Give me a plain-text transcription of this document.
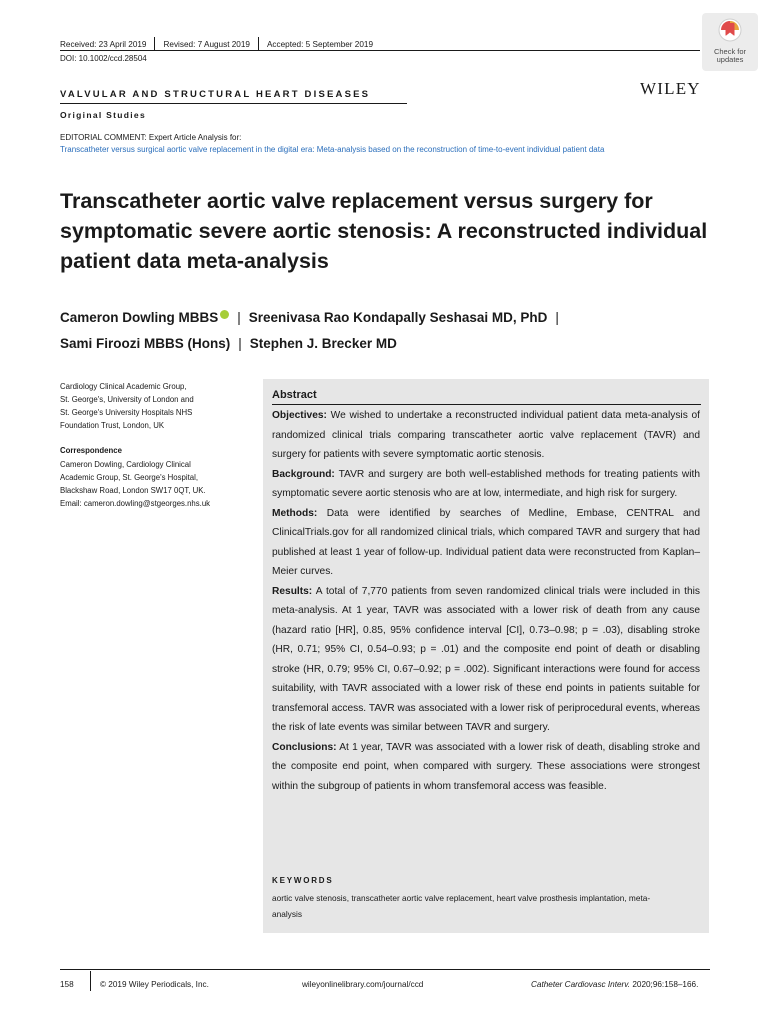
Received: 23 April 2019 Revised: 7 August 2019 Accepted: 5 September 2019
DOI: 10.1002/ccd.28504
Check for
updates
VALVULAR AND STRUCTURAL HEART DISEASES	WILEY
Original Studies
EDITORIAL COMMENT: Expert Article Analysis for:
Transcatheter versus surgical aortic valve replacement in the digital era: Meta-analysis based on the reconstruction of time-to-event individual patient data
Transcatheter aortic valve replacement versus surgery for symptomatic severe aortic stenosis: A reconstructed individual patient data meta-analysis
Cameron Dowling MBBS | Sreenivasa Rao Kondapally Seshasai MD, PhD |
Sami Firoozi MBBS (Hons) | Stephen J. Brecker MD
Cardiology Clinical Academic Group,
St. George's, University of London and
St. George's University Hospitals NHS
Foundation Trust, London, UK
Correspondence
Cameron Dowling, Cardiology Clinical
Academic Group, St. George's Hospital,
Blackshaw Road, London SW17 0QT, UK.
Email: cameron.dowling@stgeorges.nhs.uk
Abstract

Objectives: We wished to undertake a reconstructed individual patient data meta-analysis of randomized clinical trials comparing transcatheter aortic valve replacement (TAVR) and surgery for patients with severe symptomatic aortic stenosis.

Background: TAVR and surgery are both well-established methods for treating patients with symptomatic severe aortic stenosis who are at low, intermediate, and high risk for surgery.

Methods: Data were identified by searches of Medline, Embase, CENTRAL and ClinicalTrials.gov for all randomized clinical trials, which compared TAVR and surgery that had published at least 1 year of follow-up. Individual patient data were reconstructed from Kaplan–Meier curves.

Results: A total of 7,770 patients from seven randomized clinical trials were included in this meta-analysis. At 1 year, TAVR was associated with a lower risk of death from any cause (hazard ratio [HR], 0.85, 95% confidence interval [CI], 0.73–0.98; p = .03), disabling stroke (HR, 0.71; 95% CI, 0.54–0.93; p = .01) and the composite end point of death or disabling stroke (HR, 0.79; 95% CI, 0.67–0.92; p = .002). Significant interactions were found for access suitability, with TAVR associated with a lower risk of these end points in patients suitable for transfemoral access. TAVR was associated with a lower risk of periprocedural events, whereas the risk of late events was similar between TAVR and surgery.

Conclusions: At 1 year, TAVR was associated with a lower risk of death, disabling stroke and the composite end point, when compared with surgery. These associations were strongest within the subgroup of patients in whom transfemoral access was feasible.

KEYWORDS
aortic valve stenosis, transcatheter aortic valve replacement, heart valve prosthesis implantation, meta-analysis
158	© 2019 Wiley Periodicals, Inc.	wileyonlinelibrary.com/journal/ccd	Catheter Cardiovasc Interv. 2020;96:158–166.
